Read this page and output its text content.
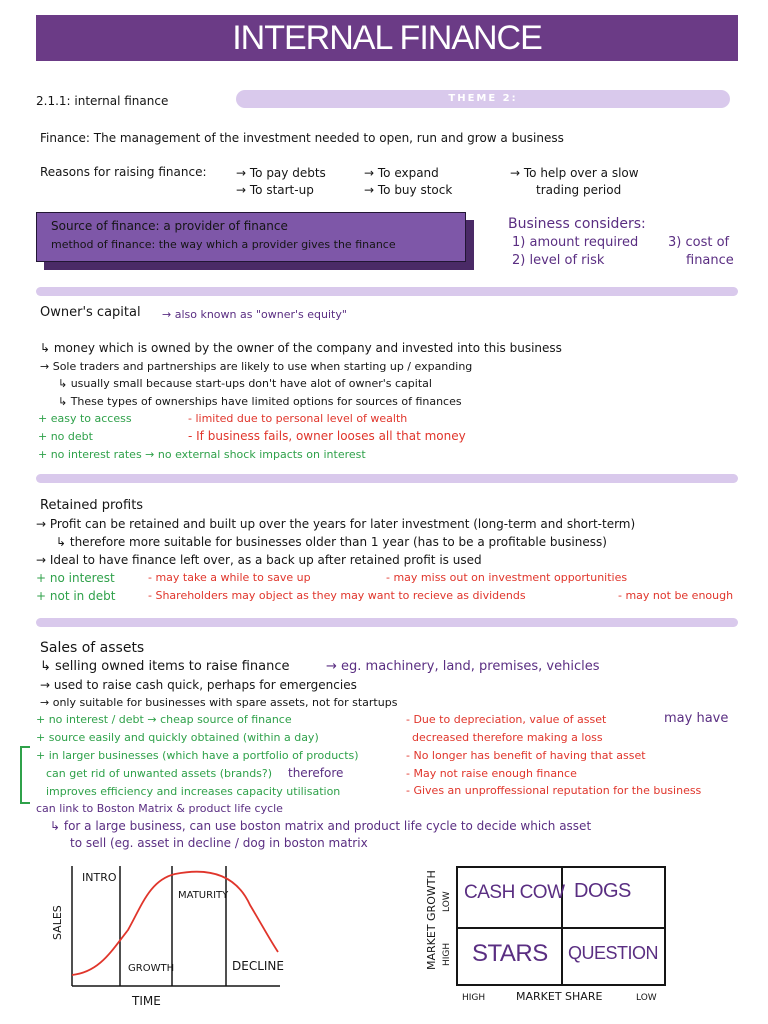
INTERNAL FINANCE
2.1.1: internal finance	THEME 2:
Finance: The management of the investment needed to open, run and grow a business
Reasons for raising finance: → To pay debts
→ To start-up
→ To expand
→ To buy stock
→ To help over a slow
trading period
Source of finance: a provider of finance
method of finance: the way which a provider gives the finance
Business considers:
1) amount required
2) level of risk
3) cost of
finance
Owner's capital → also known as "owner's equity"
↳ money which is owned by the owner of the company and invested into this business
→ Sole traders and partnerships are likely to use when starting up / expanding
↳ usually small because start-ups don't have alot of owner's capital
↳ These types of ownerships have limited options for sources of finances
+ easy to access
+ no debt
+ no interest rates → no external shock impacts on interest
- limited due to personal level of wealth
- If business fails, owner looses all that money
Retained profits
→ Profit can be retained and built up over the years for later investment (long-term and short-term)
↳ therefore more suitable for businesses older than 1 year (has to be a profitable business)
→ Ideal to have finance left over, as a back up after retained profit is used
+ no interest
+ not in debt
- may take a while to save up	- may miss out on investment opportunities
- Shareholders may object as they may want to recieve as dividends	- may not be enough
Sales of assets
↳ selling owned items to raise finance	→ eg. machinery, land, premises, vehicles
→ used to raise cash quick, perhaps for emergencies
→ only suitable for businesses with spare assets, not for startups
+ no interest / debt → cheap source of finance
+ source easily and quickly obtained (within a day)
+ in larger businesses (which have a portfolio of products)
can get rid of unwanted assets (brands?) therefore
improves efficiency and increases capacity utilisation
can link to Boston Matrix & product life cycle
↳ for a large business, can use boston matrix and product life cycle to decide which asset
to sell (eg. asset in decline / dog in boston matrix
- Due to depreciation, value of asset	may have
decreased therefore making a loss
- No longer has benefit of having that asset
- May not raise enough finance
- Gives an unproffessional reputation for the business
SALES
INTRO
GROWTH
MATURITY
DECLINE
TIME
MARKET GROWTH LOW
HIGH
CASH COW DOGS
STARS QUESTION
HIGH	MARKET SHARE	LOW
